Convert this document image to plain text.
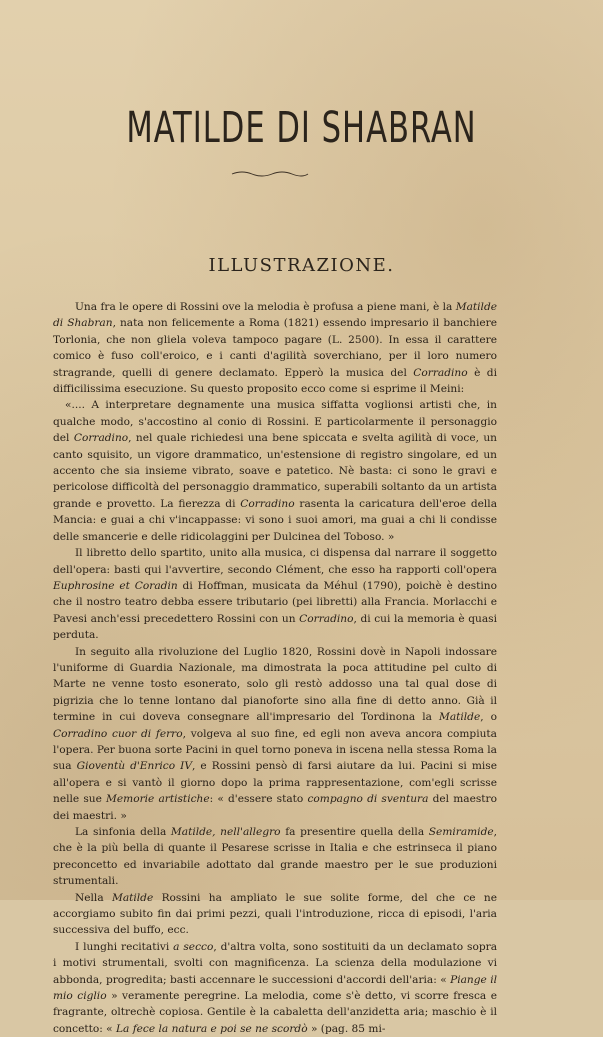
MATILDE DI SHABRAN
ILLUSTRAZIONE.

Una fra le opere di Rossini ove la melodia è profusa a piene mani, è la Matilde di Shabran, nata non felicemente a Roma (1821) essendo impresario il banchiere Torlonia, che non gliela voleva tampoco pagare (L. 2500). In essa il carattere comico è fuso coll'eroico, e i canti d'agilità soverchiano, per il loro numero stragrande, quelli di genere declamato. Epperò la musica del Corradino è di difficilissima esecuzione. Su questo proposito ecco come si esprime il Meini:

«.... A interpretare degnamente una musica siffatta voglionsi artisti che, in qualche modo, s'accostino al conio di Rossini. E particolarmente il personaggio del Corradino, nel quale richiedesi una bene spiccata e svelta agilità di voce, un canto squisito, un vigore drammatico, un'estensione di registro singolare, ed un accento che sia insieme vibrato, soave e patetico. Nè basta: ci sono le gravi e pericolose difficoltà del personaggio drammatico, superabili soltanto da un artista grande e provetto. La fierezza di Corradino rasenta la caricatura dell'eroe della Mancia: e guai a chi v'incappasse: vi sono i suoi amori, ma guai a chi li condisse delle smancerie e delle ridicolaggini per Dulcinea del Toboso. »

Il libretto dello spartito, unito alla musica, ci dispensa dal narrare il soggetto dell'opera: basti qui l'avvertire, secondo Clément, che esso ha rapporti coll'opera Euphrosine et Coradin di Hoffman, musicata da Méhul (1790), poichè è destino che il nostro teatro debba essere tributario (pei libretti) alla Francia. Morlacchi e Pavesi anch'essi precedettero Rossini con un Corradino, di cui la memoria è quasi perduta.

In seguito alla rivoluzione del Luglio 1820, Rossini dovè in Napoli indossare l'uniforme di Guardia Nazionale, ma dimostrata la poca attitudine pel culto di Marte ne venne tosto esonerato, solo gli restò addosso una tal qual dose di pigrizia che lo tenne lontano dal pianoforte sino alla fine di detto anno. Già il termine in cui doveva consegnare all'impresario del Tordinona la Matilde, o Corradino cuor di ferro, volgeva al suo fine, ed egli non aveva ancora compiuta l'opera. Per buona sorte Pacini in quel torno poneva in iscena nella stessa Roma la sua Gioventù d'Enrico IV, e Rossini pensò di farsi aiutare da lui. Pacini si mise all'opera e si vantò il giorno dopo la prima rappresentazione, com'egli scrisse nelle sue Memorie artistiche: « d'essere stato compagno di sventura del maestro dei maestri. »

La sinfonia della Matilde, nell'allegro fa presentire quella della Semiramide, che è la più bella di quante il Pesarese scrisse in Italia e che estrinseca il piano preconcetto ed invariabile adottato dal grande maestro per le sue produzioni strumentali.

Nella Matilde Rossini ha ampliato le sue solite forme, del che ce ne accorgiamo subito fin dai primi pezzi, quali l'introduzione, ricca di episodi, l'aria successiva del buffo, ecc.

I lunghi recitativi a secco, d'altra volta, sono sostituiti da un declamato sopra i motivi strumentali, svolti con magnificenza. La scienza della modulazione vi abbonda, progredita; basti accennare le successioni d'accordi dell'aria: « Piange il mio ciglio » veramente peregrine. La melodia, come s'è detto, vi scorre fresca e fragrante, oltrechè copiosa. Gentile è la cabaletta dell'anzidetta aria; maschio è il concetto: « La fece la natura e poi se ne scordò » (pag. 85 mi-
